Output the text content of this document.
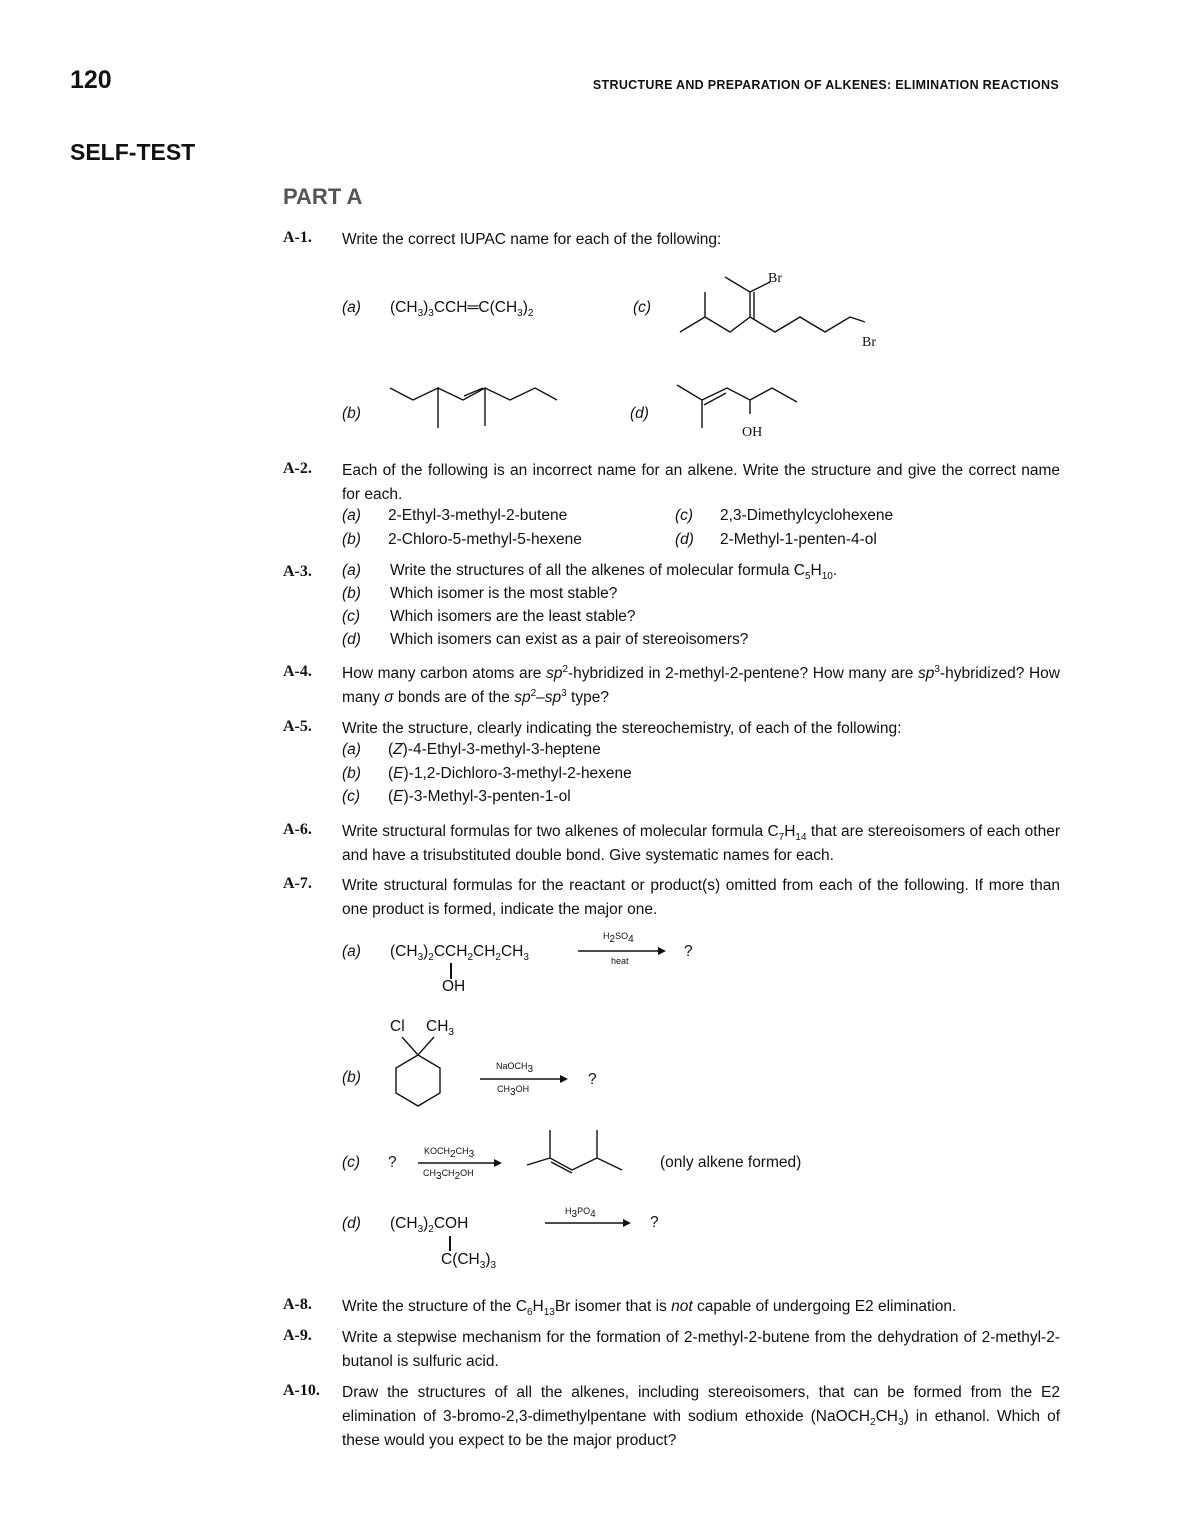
120	STRUCTURE AND PREPARATION OF ALKENES: ELIMINATION REACTIONS
SELF-TEST
PART A
A-1. Write the correct IUPAC name for each of the following:
(a) $(CH_3)_3CCH═C(CH_3)_2$	(c)
Br
Br
(b)	(d)
OH
A-2. Each of the following is an incorrect name for an alkene. Write the structure and give the correct name for each.
(a) 2-Ethyl-3-methyl-2-butene
(b) 2-Chloro-5-methyl-5-hexene
(c) 2,3-Dimethylcyclohexene
(d) 2-Methyl-1-penten-4-ol
A-3. (a) Write the structures of all the alkenes of molecular formula $C_5H_{10}$.
(b) Which isomer is the most stable?
(c) Which isomers are the least stable?
(d) Which isomers can exist as a pair of stereoisomers?
A-4. How many carbon atoms are $sp^2$-hybridized in 2-methyl-2-pentene? How many are $sp^3$-hybridized? How many σ bonds are of the $sp^2-sp^3$ type?
A-5. Write the structure, clearly indicating the stereochemistry, of each of the following:
(a) (Z)-4-Ethyl-3-methyl-3-heptene
(b) (E)-1,2-Dichloro-3-methyl-2-hexene
(c) (E)-3-Methyl-3-penten-1-ol
A-6. Write structural formulas for two alkenes of molecular formula $C_7H_{14}$ that are stereoisomers of each other and have a trisubstituted double bond. Give systematic names for each.
A-7. Write structural formulas for the reactant or product(s) omitted from each of the following. If more than one product is formed, indicate the major one.
(a) $(CH_3)_2CCH_2CH_2CH_3$
OH
$H_2SO_4$
heat
?
Cl $CH_3$
(b)
NaOCH$_3$
$CH_3OH$
?
(c) ?
$KOCH_2CH_3$
$CH_3CH_2OH$
(only alkene formed)
(d) $(CH_3)_2COH$
$C(CH_3)_3$
$H_3PO_4$	?
A-8. Write the structure of the $C_6H_{13}Br$ isomer that is not capable of undergoing E2 elimination.
A-9. Write a stepwise mechanism for the formation of 2-methyl-2-butene from the dehydration of 2-methyl-2-butanol is sulfuric acid.
A-10. Draw the structures of all the alkenes, including stereoisomers, that can be formed from the E2 elimination of 3-bromo-2,3-dimethylpentane with sodium ethoxide $(NaOCH_2CH_3)$ in ethanol. Which of these would you expect to be the major product?
